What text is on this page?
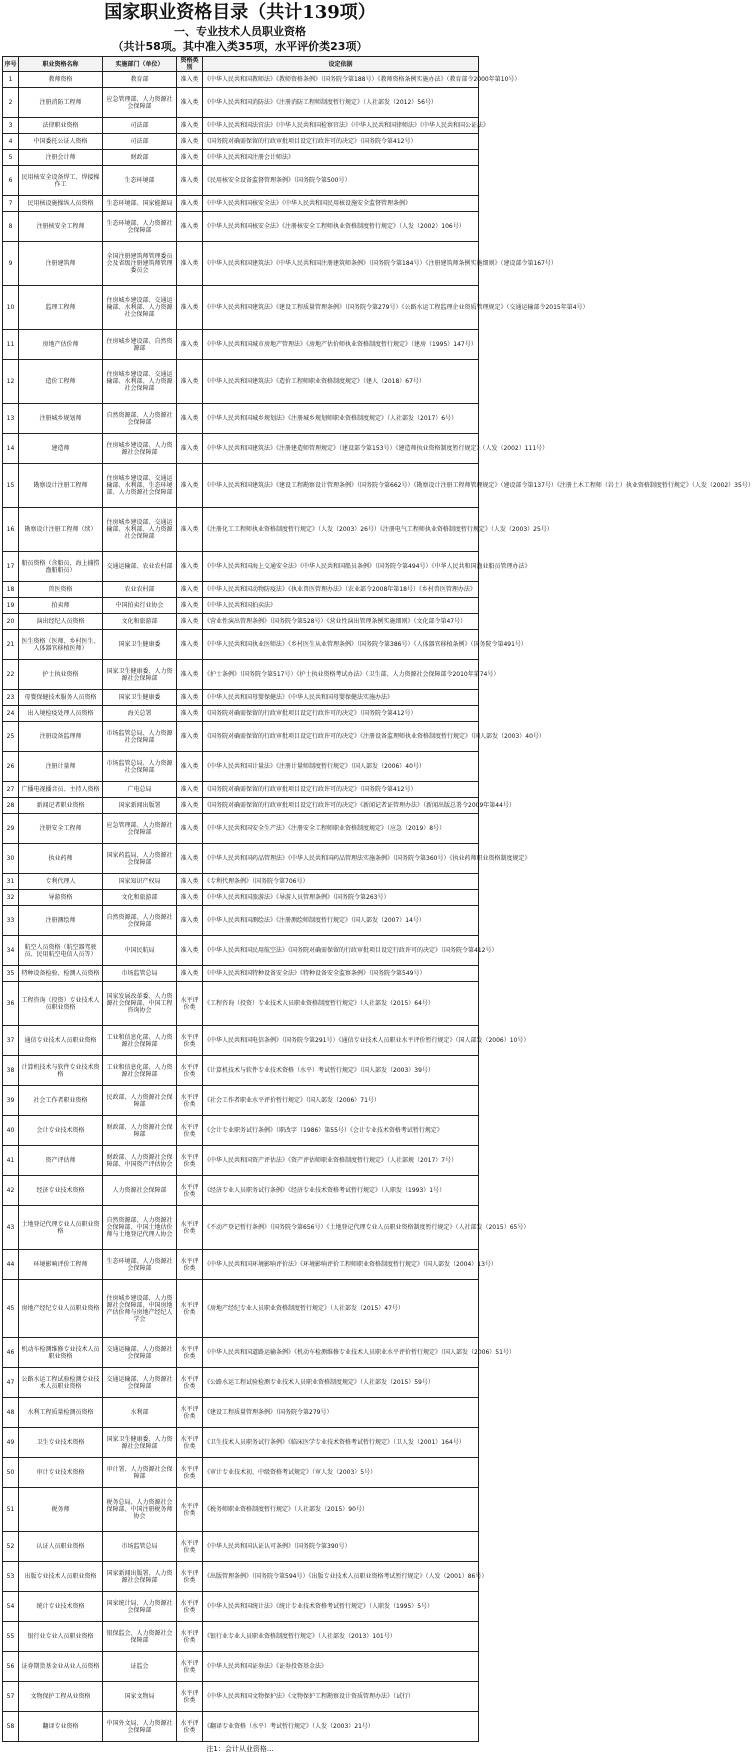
国家职业资格目录（共计139项）
一、专业技术人员职业资格
（共计58项。其中准入类35项，水平评价类23项）
序号	职业资格名称	实施部门（单位）	资格类别	设定依据
1	教师资格	教育部	准入类	《中华人民共和国教师法》《教师资格条例》（国务院令第188号）《教师资格条例实施办法》（教育部令2000年第10号）
2	注册消防工程师	应急管理部、人力资源社会保障部	准入类	《中华人民共和国消防法》《注册消防工程师制度暂行规定》（人社部发（2012）56号）
3	法律职业资格	司法部	准入类	《中华人民共和国法官法》《中华人民共和国检察官法》《中华人民共和国律师法》《中华人民共和国公证法》
4	中国委托公证人资格	司法部	准入类	《国务院对确需保留的行政审批项目设定行政许可的决定》（国务院令第412号）
5	注册会计师	财政部	准入类	《中华人民共和国注册会计师法》
6	民用核安全设备焊工、焊接操作工	生态环境部	准入类	《民用核安全设备监督管理条例》（国务院令第500号）
7	民用核设施操纵人员资格	生态环境部、国家能源局	准入类	《中华人民共和国核安全法》《中华人民共和国民用核设施安全监督管理条例》
8	注册核安全工程师	生态环境部、人力资源社会保障部	准入类	《中华人民共和国核安全法》《注册核安全工程师执业资格制度暂行规定》（人发（2002）106号）
9	注册建筑师	全国注册建筑师管理委员会及省级注册建筑师管理委员会	准入类	《中华人民共和国建筑法》《中华人民共和国注册建筑师条例》（国务院令第184号）《注册建筑师条例实施细则》（建设部令第167号）
10	监理工程师	住房城乡建设部、交通运输部、水利部、人力资源社会保障部	准入类	《中华人民共和国建筑法》《建设工程质量管理条例》（国务院令第279号）《公路水运工程监理企业资质管理规定》（交通运输部令2015年第4号）
11	房地产估价师	住房城乡建设部、自然资源部	准入类	《中华人民共和国城市房地产管理法》《房地产估价师执业资格制度暂行规定》（建房（1995）147号）
12	造价工程师	住房城乡建设部、交通运输部、水利部、人力资源社会保障部	准入类	《中华人民共和国建筑法》《造价工程师职业资格制度规定》（建人（2018）67号）
13	注册城乡规划师	自然资源部、人力资源社会保障部	准入类	《中华人民共和国城乡规划法》《注册城乡规划师职业资格制度规定》（人社部发（2017）6号）
14	建造师	住房城乡建设部、人力资源社会保障部	准入类	《中华人民共和国建筑法》《注册建造师管理规定》（建设部令第153号）《建造师执业资格制度暂行规定》（人发（2002）111号）
15	勘察设计注册工程师	住房城乡建设部、交通运输部、水利部、生态环境部、人力资源社会保障部	准入类	《中华人民共和国建筑法》《建设工程勘察设计管理条例》（国务院令第662号）《勘察设计注册工程师管理规定》（建设部令第137号）《注册土木工程师（岩土）执业资格制度暂行规定》（人发（2002）35号）
16	勘察设计注册工程师（续）	住房城乡建设部、交通运输部、水利部、人力资源社会保障部	准入类	《注册化工工程师执业资格制度暂行规定》（人发（2003）26号）《注册电气工程师执业资格制度暂行规定》（人发（2003）25号）
17	船员资格（含船员、海上捕捞渔船船员）	交通运输部、农业农村部	准入类	《中华人民共和国海上交通安全法》《中华人民共和国船员条例》（国务院令第494号）《中华人民共和国渔业船员管理办法》
18	兽医资格	农业农村部	准入类	《中华人民共和国动物防疫法》《执业兽医管理办法》（农业部令2008年第18号）《乡村兽医管理办法》
19	拍卖师	中国拍卖行业协会	准入类	《中华人民共和国拍卖法》
20	演出经纪人员资格	文化和旅游部	准入类	《营业性演出管理条例》（国务院令第528号）《营业性演出管理条例实施细则》（文化部令第47号）
21	医生资格（医师、乡村医生、人体器官移植医师）	国家卫生健康委	准入类	《中华人民共和国执业医师法》《乡村医生从业管理条例》（国务院令第386号）《人体器官移植条例》（国务院令第491号）
22	护士执业资格	国家卫生健康委、人力资源社会保障部	准入类	《护士条例》（国务院令第517号）《护士执业资格考试办法》（卫生部、人力资源社会保障部令2010年第74号）
23	母婴保健技术服务人员资格	国家卫生健康委	准入类	《中华人民共和国母婴保健法》《中华人民共和国母婴保健法实施办法》
24	出入境检疫处理人员资格	海关总署	准入类	《国务院对确需保留的行政审批项目设定行政许可的决定》（国务院令第412号）
25	注册设备监理师	市场监管总局、人力资源社会保障部	准入类	《国务院对确需保留的行政审批项目设定行政许可的决定》《注册设备监理师执业资格制度暂行规定》（国人部发（2003）40号）
26	注册计量师	市场监管总局、人力资源社会保障部	准入类	《中华人民共和国计量法》《注册计量师制度暂行规定》（国人部发（2006）40号）
27	广播电视播音员、主持人资格	广电总局	准入类	《国务院对确需保留的行政审批项目设定行政许可的决定》（国务院令第412号）
28	新闻记者职业资格	国家新闻出版署	准入类	《国务院对确需保留的行政审批项目设定行政许可的决定》《新闻记者证管理办法》（新闻出版总署令2009年第44号）
29	注册安全工程师	应急管理部、人力资源社会保障部	准入类	《中华人民共和国安全生产法》《注册安全工程师职业资格制度规定》（应急（2019）8号）
30	执业药师	国家药监局、人力资源社会保障部	准入类	《中华人民共和国药品管理法》《中华人民共和国药品管理法实施条例》（国务院令第360号）《执业药师职业资格制度规定》
31	专利代理人	国家知识产权局	准入类	《专利代理条例》（国务院令第706号）
32	导游资格	文化和旅游部	准入类	《中华人民共和国旅游法》《导游人员管理条例》（国务院令第263号）
33	注册测绘师	自然资源部、人力资源社会保障部	准入类	《中华人民共和国测绘法》《注册测绘师制度暂行规定》（国人部发（2007）14号）
34	航空人员资格（航空器驾驶员、民用航空电信人员等）	中国民航局	准入类	《中华人民共和国民用航空法》《国务院对确需保留的行政审批项目设定行政许可的决定》（国务院令第412号）
35	特种设备检验、检测人员资格	市场监管总局	准入类	《中华人民共和国特种设备安全法》《特种设备安全监察条例》（国务院令第549号）
36	工程咨询（投资）专业技术人员职业资格	国家发展改革委、人力资源社会保障部、中国工程咨询协会	水平评价类	《工程咨询（投资）专业技术人员职业资格制度暂行规定》（人社部发（2015）64号）
37	通信专业技术人员职业资格	工业和信息化部、人力资源社会保障部	水平评价类	《中华人民共和国电信条例》（国务院令第291号）《通信专业技术人员职业水平评价暂行规定》（国人部发（2006）10号）
38	计算机技术与软件专业技术资格	工业和信息化部、人力资源社会保障部	水平评价类	《计算机技术与软件专业技术资格（水平）考试暂行规定》（国人部发（2003）39号）
39	社会工作者职业资格	民政部、人力资源社会保障部	水平评价类	《社会工作者职业水平评价暂行规定》（国人部发（2006）71号）
40	会计专业技术资格	财政部、人力资源社会保障部	水平评价类	《会计专业职务试行条例》（职改字（1986）第55号）《会计专业技术资格考试暂行规定》
41	资产评估师	财政部、人力资源社会保障部、中国资产评估协会	水平评价类	《中华人民共和国资产评估法》《资产评估师职业资格制度暂行规定》（人社部规（2017）7号）
42	经济专业技术资格	人力资源社会保障部	水平评价类	《经济专业人员职务试行条例》《经济专业技术资格考试暂行规定》（人职发（1993）1号）
43	土地登记代理专业人员职业资格	自然资源部、人力资源社会保障部、中国土地估价师与土地登记代理人协会	水平评价类	《不动产登记暂行条例》（国务院令第656号）《土地登记代理专业人员职业资格制度暂行规定》（人社部发（2015）65号）
44	环境影响评价工程师	生态环境部、人力资源社会保障部	水平评价类	《中华人民共和国环境影响评价法》《环境影响评价工程师职业资格制度暂行规定》（国人部发（2004）13号）
45	房地产经纪专业人员职业资格	住房城乡建设部、人力资源社会保障部、中国房地产估价师与房地产经纪人学会	水平评价类	《房地产经纪专业人员职业资格制度暂行规定》（人社部发（2015）47号）
46	机动车检测维修专业技术人员职业资格	交通运输部、人力资源社会保障部	水平评价类	《中华人民共和国道路运输条例》《机动车检测维修专业技术人员职业水平评价暂行规定》（国人部发（2006）51号）
47	公路水运工程试验检测专业技术人员职业资格	交通运输部、人力资源社会保障部	水平评价类	《公路水运工程试验检测专业技术人员职业资格制度规定》（人社部发（2015）59号）
48	水利工程质量检测员资格	水利部	水平评价类	《建设工程质量管理条例》（国务院令第279号）
49	卫生专业技术资格	国家卫生健康委、人力资源社会保障部	水平评价类	《卫生技术人员职务试行条例》《临床医学专业技术资格考试暂行规定》（卫人发（2001）164号）
50	审计专业技术资格	审计署、人力资源社会保障部	水平评价类	《审计专业技术初、中级资格考试规定》（审人发（2003）5号）
51	税务师	税务总局、人力资源社会保障部、中国注册税务师协会	水平评价类	《税务师职业资格制度暂行规定》（人社部发（2015）90号）
52	认证人员职业资格	市场监管总局	水平评价类	《中华人民共和国认证认可条例》（国务院令第390号）
53	出版专业技术人员职业资格	国家新闻出版署、人力资源社会保障部	水平评价类	《出版管理条例》（国务院令第594号）《出版专业技术人员职业资格考试暂行规定》（人发（2001）86号）
54	统计专业技术资格	国家统计局、人力资源社会保障部	水平评价类	《中华人民共和国统计法》《统计专业技术资格考试暂行规定》（人职发（1995）5号）
55	银行业专业人员职业资格	银保监会、人力资源社会保障部	水平评价类	《银行业专业人员职业资格制度暂行规定》（人社部发（2013）101号）
56	证券期货基金业从业人员资格	证监会	水平评价类	《中华人民共和国证券法》《证券投资基金法》
57	文物保护工程从业资格	国家文物局	水平评价类	《中华人民共和国文物保护法》《文物保护工程勘察设计资质管理办法》（试行）
58	翻译专业资格	中国外文局、人力资源社会保障部	水平评价类	《翻译专业资格（水平）考试暂行规定》（人发（2003）21号）
注1：会计从业资格...
